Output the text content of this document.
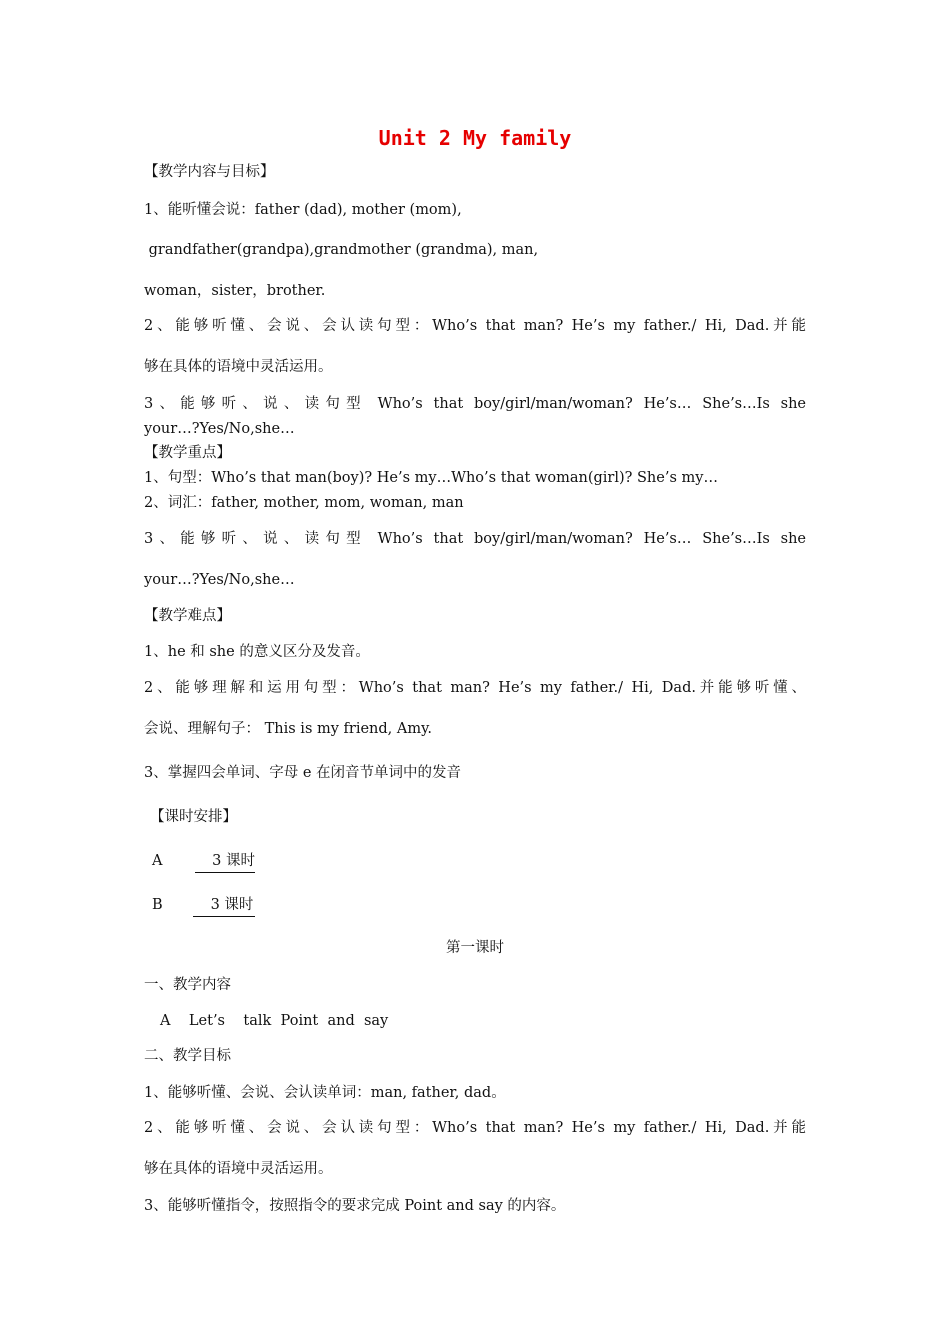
Unit 2 My family

【教学内容与目标】

1、能听懂会说：father (dad), mother (mom),

grandfather(grandpa),grandmother (grandma), man,

woman，sister，brother.

2、能够听懂、会说、会认读句型：Who’s that man? He’s my father./ Hi, Dad.并能

够在具体的语境中灵活运用。

3、能够听、说、读句型 Who’s that boy/girl/man/woman? He’s… She’s…Is she

your…?Yes/No,she…

【教学重点】

1、句型：Who’s that man(boy)? He’s my…Who’s that woman(girl)? She’s my…

2、词汇：father, mother, mom, woman, man

3、能够听、说、读句型 Who’s that boy/girl/man/woman? He’s… She’s…Is she

your…?Yes/No,she…

【教学难点】

1、he 和 she 的意义区分及发音。

2、能够理解和运用句型：Who’s that man? He’s my father./ Hi, Dad.并能够听懂、

会说、理解句子： This is my friend, Amy.

3、掌握四会单词、字母 e 在闭音节单词中的发音

【课时安排】

A	3 课时

B	3 课时

第一课时

一、教学内容

A    Let’s    talk  Point  and  say

二、教学目标

1、能够听懂、会说、会认读单词：man, father, dad。

2、能够听懂、会说、会认读句型：Who’s that man? He’s my father./ Hi, Dad.并能

够在具体的语境中灵活运用。

3、能够听懂指令，按照指令的要求完成 Point and say 的内容。
